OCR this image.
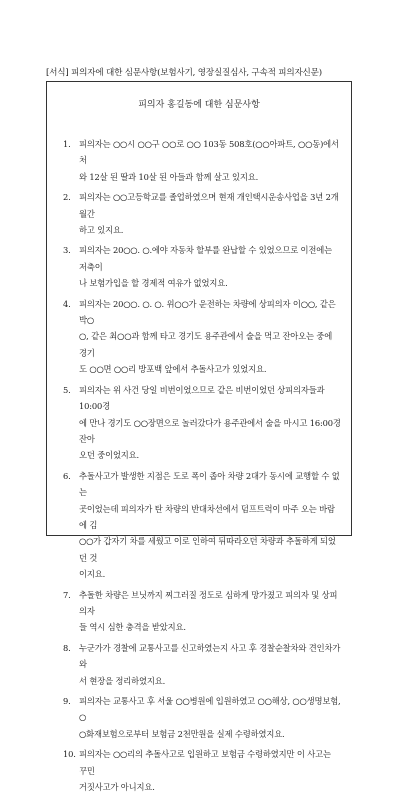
[서식] 피의자에 대한 심문사항(보험사기, 영장실질심사, 구속적 피의자신문)
피의자 홍길동에 대한 심문사항
1.	피의자는 ○○시 ○○구 ○○로 ○○ 103동 508호(○○아파트, ○○동)에서 처
와 12살 된 딸과 10살 된 아들과 함께 살고 있지요.
2.	피의자는 ○○고등학교를 졸업하였으며 현재 개인택시운송사업을 3년 2개월간
하고 있지요.
3.	피의자는 20○○. ○.에야 자동차 할부를 완납할 수 있었으므로 이전에는 저축이
나 보험가입을 할 경제적 여유가 없었지요.
4.	피의자는 20○○. ○. ○. 위○○가 운전하는 차량에 상피의자 이○○, 같은 박○
○, 같은 최○○과 함께 타고 경기도 용주관에서 술을 먹고 잔아오는 중에 경기
도 ○○면 ○○리 방포백 앞에서 추돌사고가 있었지요.
5.	피의자는 위 사건 당일 비번이었으므로 같은 비번이었던 상피의자들과 10:00경
에 만나 경기도 ○○장면으로 놀러갔다가 용주관에서 술을 마시고 16:00경 잔아
오던 중이었지요.
6.	추돌사고가 발생한 지점은 도로 폭이 좁아 차량 2대가 동시에 교행할 수 없는
곳이었는데 피의자가 탄 차량의 반대차선에서 덤프트럭이 마주 오는 바람에 김
○○가 갑자기 차를 세웠고 이로 인하여 뒤따라오던 차량과 추돌하게 되었던 것
이지요.
7.	추돌한 차량은 브닛까지 찌그러질 정도로 심하게 망가졌고 피의자 및 상피의자
들 역시 심한 충격을 받았지요.
8.	누군가가 경찰에 교통사고를 신고하였는지 사고 후 경찰순찰차와 견인차가 와
서 현장을 정리하였지요.
9.	피의자는 교통사고 후 서울 ○○병원에 입원하였고 ○○해상, ○○생명보험, ○
○화재보험으로부터 보험금 2천만원을 실제 수령하였지요.
10. 피의자는 ○○리의 추돌사고로 입원하고 보험금 수령하였지만 이 사고는 꾸민
거짓사고가 아니지요.
